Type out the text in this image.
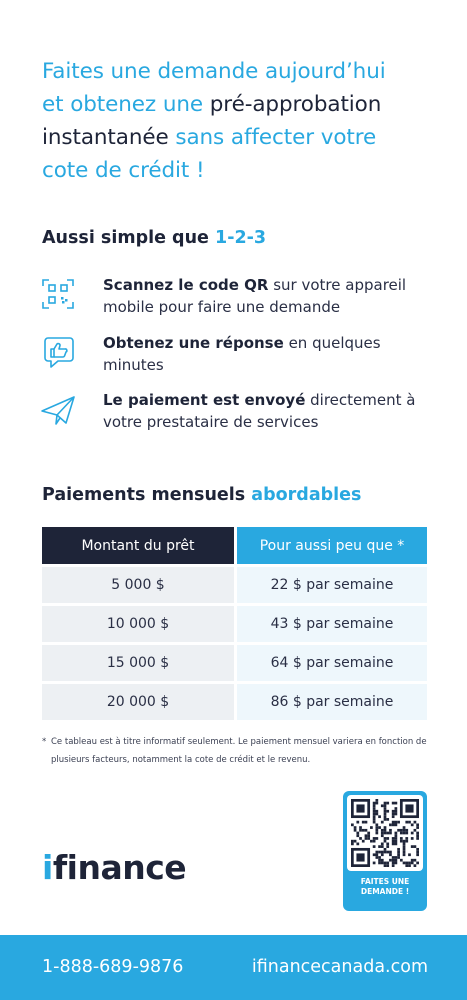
Faites une demande aujourd’hui
et obtenez une pré-approbation
instantanée sans affecter votre
cote de crédit !
Aussi simple que 1-2-3
Scannez le code QR sur votre appareil mobile pour faire une demande
Obtenez une réponse en quelques minutes
Le paiement est envoyé directement à votre prestataire de services
Paiements mensuels abordables
Montant du prêt		Pour aussi peu que *
5 000 $		22 $ par semaine
10 000 $		43 $ par semaine
15 000 $		64 $ par semaine
20 000 $		86 $ par semaine
* Ce tableau est à titre informatif seulement. Le paiement mensuel variera en fonction de plusieurs facteurs, notamment la cote de crédit et le revenu.
ifinance	FAITES UNE
DEMANDE !
1-888-689-9876	ifinancecanada.com
